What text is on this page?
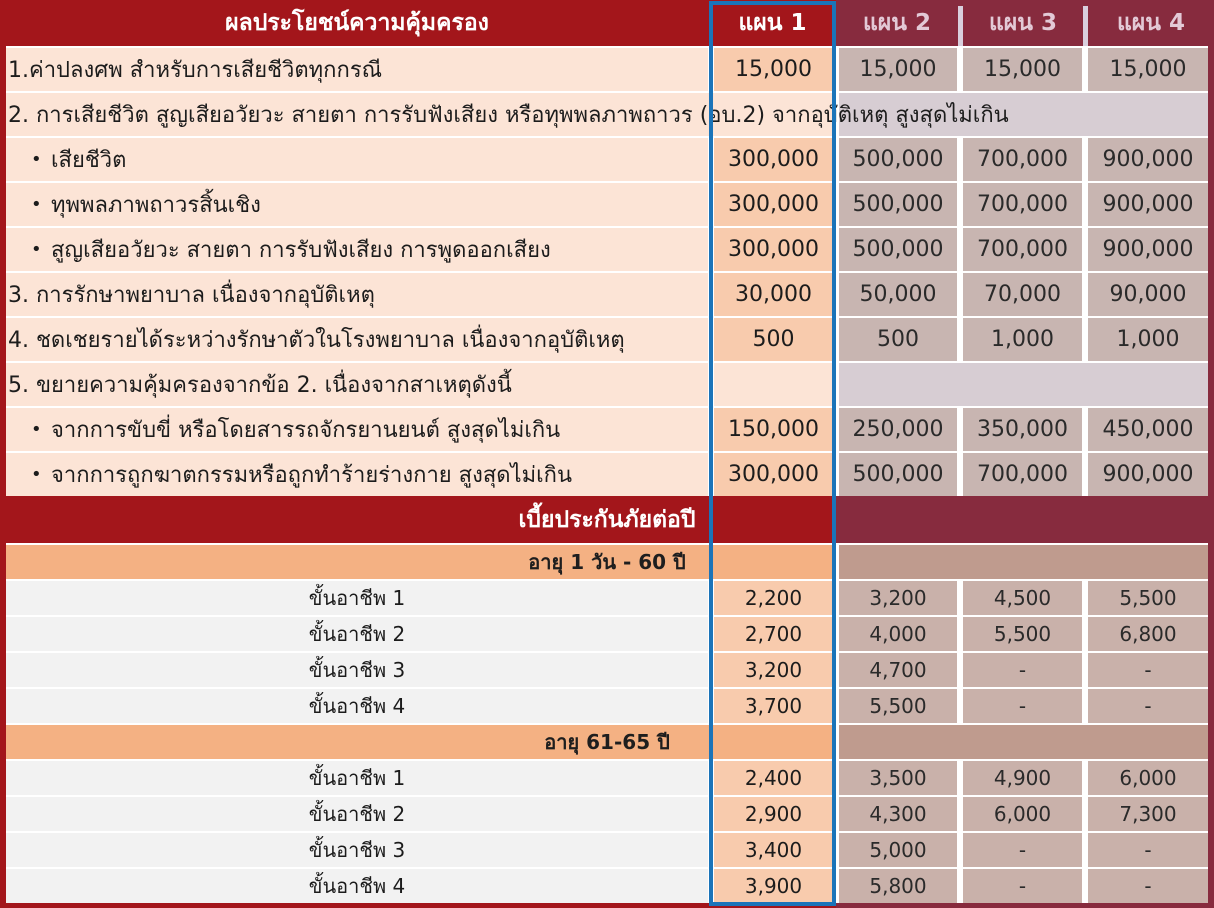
ผลประโยชน์ความคุ้มครอง	แผน 1	แผน 2	แผน 3	แผน 4
1.ค่าปลงศพ สำหรับการเสียชีวิตทุกกรณี	15,000	15,000	15,000	15,000
2. การเสียชีวิต สูญเสียอวัยวะ สายตา การรับฟังเสียง หรือทุพพลภาพถาวร (อบ.2) จากอุบัติเหตุ สูงสุดไม่เกิน
• เสียชีวิต	300,000	500,000	700,000	900,000
• ทุพพลภาพถาวรสิ้นเชิง	300,000	500,000	700,000	900,000
• สูญเสียอวัยวะ สายตา การรับฟังเสียง การพูดออกเสียง	300,000	500,000	700,000	900,000
3. การรักษาพยาบาล เนื่องจากอุบัติเหตุ	30,000	50,000	70,000	90,000
4. ชดเชยรายได้ระหว่างรักษาตัวในโรงพยาบาล เนื่องจากอุบัติเหตุ	500	500	1,000	1,000
5. ขยายความคุ้มครองจากข้อ 2. เนื่องจากสาเหตุดังนี้
• จากการขับขี่ หรือโดยสารรถจักรยานยนต์ สูงสุดไม่เกิน	150,000	250,000	350,000	450,000
• จากการถูกฆาตกรรมหรือถูกทำร้ายร่างกาย สูงสุดไม่เกิน	300,000	500,000	700,000	900,000
เบี้ยประกันภัยต่อปี
อายุ 1 วัน - 60 ปี
ขั้นอาชีพ 1	2,200	3,200	4,500	5,500
ขั้นอาชีพ 2	2,700	4,000	5,500	6,800
ขั้นอาชีพ 3	3,200	4,700	-	-
ขั้นอาชีพ 4	3,700	5,500	-	-
อายุ 61-65 ปี
ขั้นอาชีพ 1	2,400	3,500	4,900	6,000
ขั้นอาชีพ 2	2,900	4,300	6,000	7,300
ขั้นอาชีพ 3	3,400	5,000	-	-
ขั้นอาชีพ 4	3,900	5,800	-	-
